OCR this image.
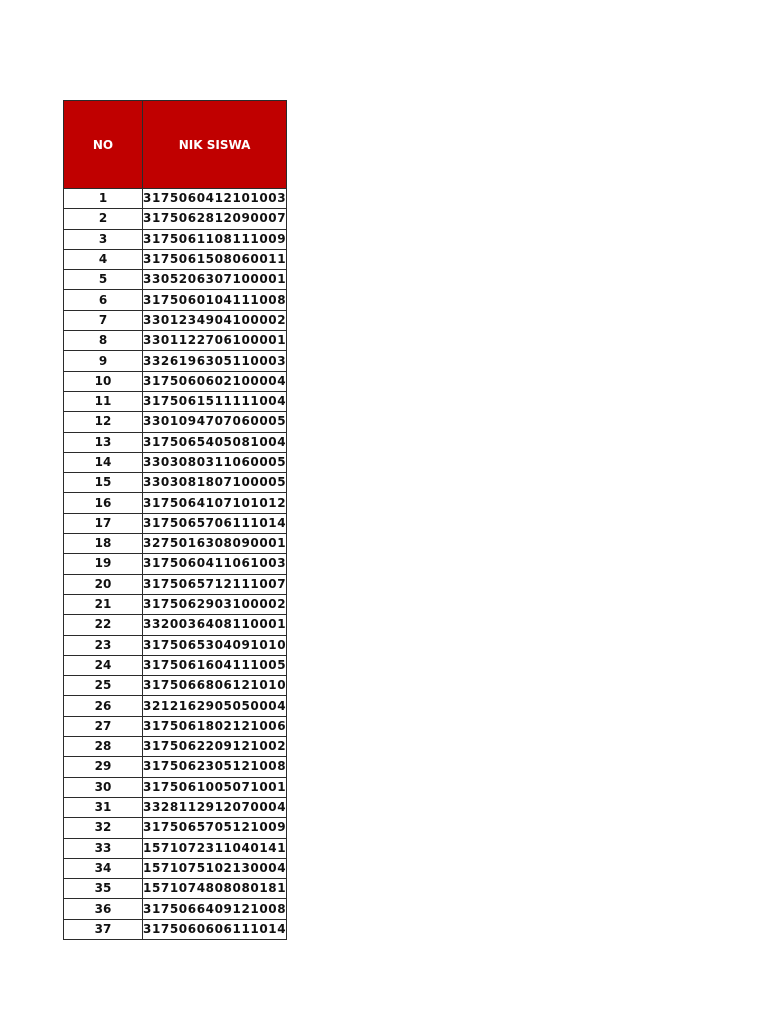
NO	NIK SISWA
1	3175060412101003
2	3175062812090007
3	3175061108111009
4	3175061508060011
5	3305206307100001
6	3175060104111008
7	3301234904100002
8	3301122706100001
9	3326196305110003
10	3175060602100004
11	3175061511111004
12	3301094707060005
13	3175065405081004
14	3303080311060005
15	3303081807100005
16	3175064107101012
17	3175065706111014
18	3275016308090001
19	3175060411061003
20	3175065712111007
21	3175062903100002
22	3320036408110001
23	3175065304091010
24	3175061604111005
25	3175066806121010
26	3212162905050004
27	3175061802121006
28	3175062209121002
29	3175062305121008
30	3175061005071001
31	3328112912070004
32	3175065705121009
33	1571072311040141
34	1571075102130004
35	1571074808080181
36	3175066409121008
37	3175060606111014
